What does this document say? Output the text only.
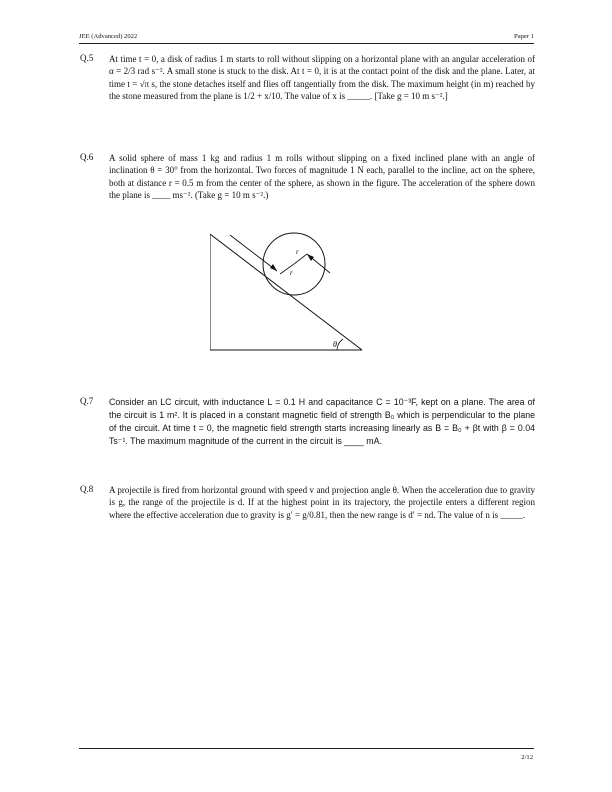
JEE (Advanced) 2022	Paper 1
Q.5 At time t = 0, a disk of radius 1 m starts to roll without slipping on a horizontal plane with an angular acceleration of α = 2/3 rad s⁻². A small stone is stuck to the disk. At t = 0, it is at the contact point of the disk and the plane. Later, at time t = √π s, the stone detaches itself and flies off tangentially from the disk. The maximum height (in m) reached by the stone measured from the plane is 1/2 + x/10. The value of x is _____. [Take g = 10 m s⁻².]

Q.6 A solid sphere of mass 1 kg and radius 1 m rolls without slipping on a fixed inclined plane with an angle of inclination θ = 30° from the horizontal. Two forces of magnitude 1 N each, parallel to the incline, act on the sphere, both at distance r = 0.5 m from the center of the sphere, as shown in the figure. The acceleration of the sphere down the plane is ____ ms⁻². (Take g = 10 m s⁻².)

θ
r
r
Q.7 Consider an LC circuit, with inductance L = 0.1 H and capacitance C = 10⁻³F, kept on a plane. The area of the circuit is 1 m². It is placed in a constant magnetic field of strength B₀ which is perpendicular to the plane of the circuit. At time t = 0, the magnetic field strength starts increasing linearly as B = B₀ + βt with β = 0.04 Ts⁻¹. The maximum magnitude of the current in the circuit is ____ mA.

Q.8 A projectile is fired from horizontal ground with speed v and projection angle θ. When the acceleration due to gravity is g, the range of the projectile is d. If at the highest point in its trajectory, the projectile enters a different region where the effective acceleration due to gravity is g′ = g/0.81, then the new range is d′ = nd. The value of n is _____.

2/12
